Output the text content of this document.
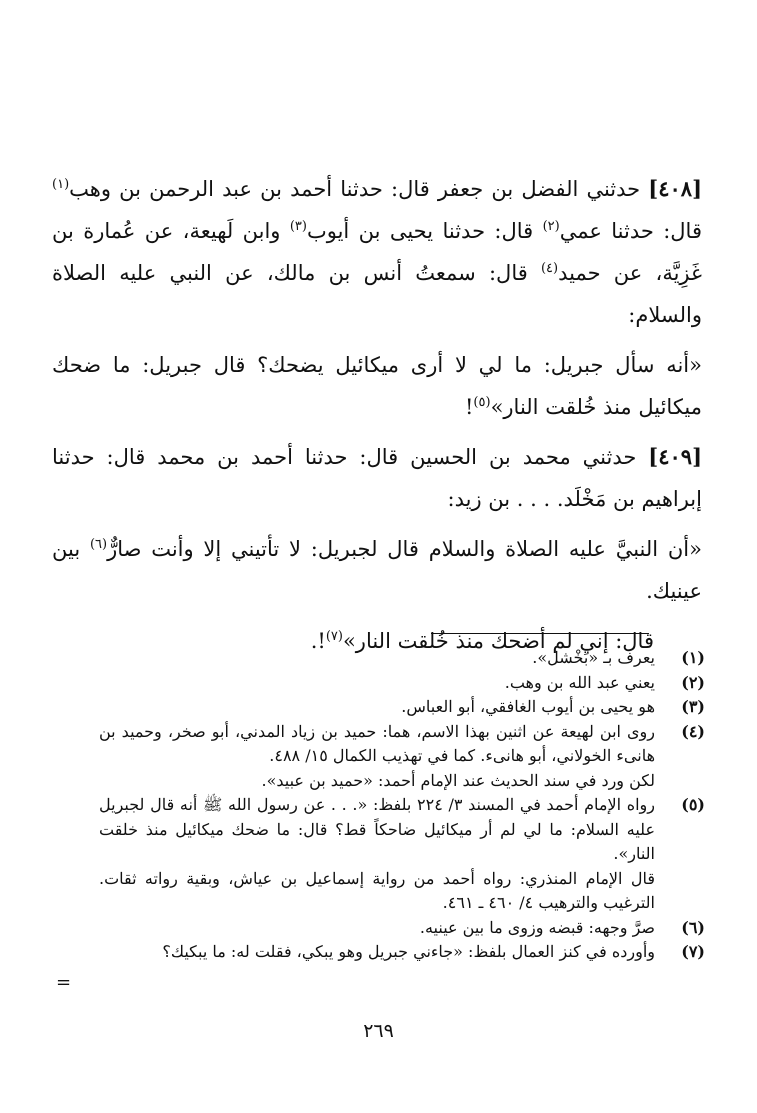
[٤٠٨] حدثني الفضل بن جعفر قال: حدثنا أحمد بن عبد الرحمن بن وهب$^{(١)}$ قال: حدثنا عمي$^{(٢)}$ قال: حدثنا يحيى بن أيوب$^{(٣)}$ وابن لَهيعة، عن عُمارة بن غَزِيَّة، عن حميد$^{(٤)}$ قال: سمعتُ أنس بن مالك، عن النبي عليه الصلاة والسلام:

«أنه سأل جبريل: ما لي لا أرى ميكائيل يضحك؟ قال جبريل: ما ضحك ميكائيل منذ خُلقت النار»$^{(٥)}$!

[٤٠٩] حدثني محمد بن الحسين قال: حدثنا أحمد بن محمد قال: حدثنا إبراهيم بن مَخْلَد. . . . بن زيد:

«أن النبيَّ عليه الصلاة والسلام قال لجبريل: لا تأتيني إلا وأنت صارٌّ$^{(٦)}$ بين عينيك.

قال: إني لم أضحك منذ خُلقت النار»$^{(٧)}$!.

(١)
يعرف بـ «بَخْشل».
(٢)
يعني عبد الله بن وهب.
(٣)
هو يحيى بن أيوب الغافقي، أبو العباس.
(٤)
روى ابن لهيعة عن اثنين بهذا الاسم، هما: حميد بن زياد المدني، أبو صخر، وحميد بن هانىء الخولاني، أبو هانىء. كما في تهذيب الكمال ١٥/ ٤٨٨.
لكن ورد في سند الحديث عند الإمام أحمد: «حميد بن عبيد».
(٥)
رواه الإمام أحمد في المسند ٣/ ٢٢٤ بلفظ: «. . . عن رسول الله ﷺ أنه قال لجبريل عليه السلام: ما لي لم أر ميكائيل ضاحكاً قط؟ قال: ما ضحك ميكائيل منذ خلقت النار».
قال الإمام المنذري: رواه أحمد من رواية إسماعيل بن عياش، وبقية رواته ثقات. الترغيب والترهيب ٤/ ٤٦٠ ـ ٤٦١.
(٦)
صرَّ وجهه: قبضه وزوى ما بين عينيه.
(٧)
وأورده في كنز العمال بلفظ: «جاءني جبريل وهو يبكي، فقلت له: ما يبكيك؟
=
٢٦٩
